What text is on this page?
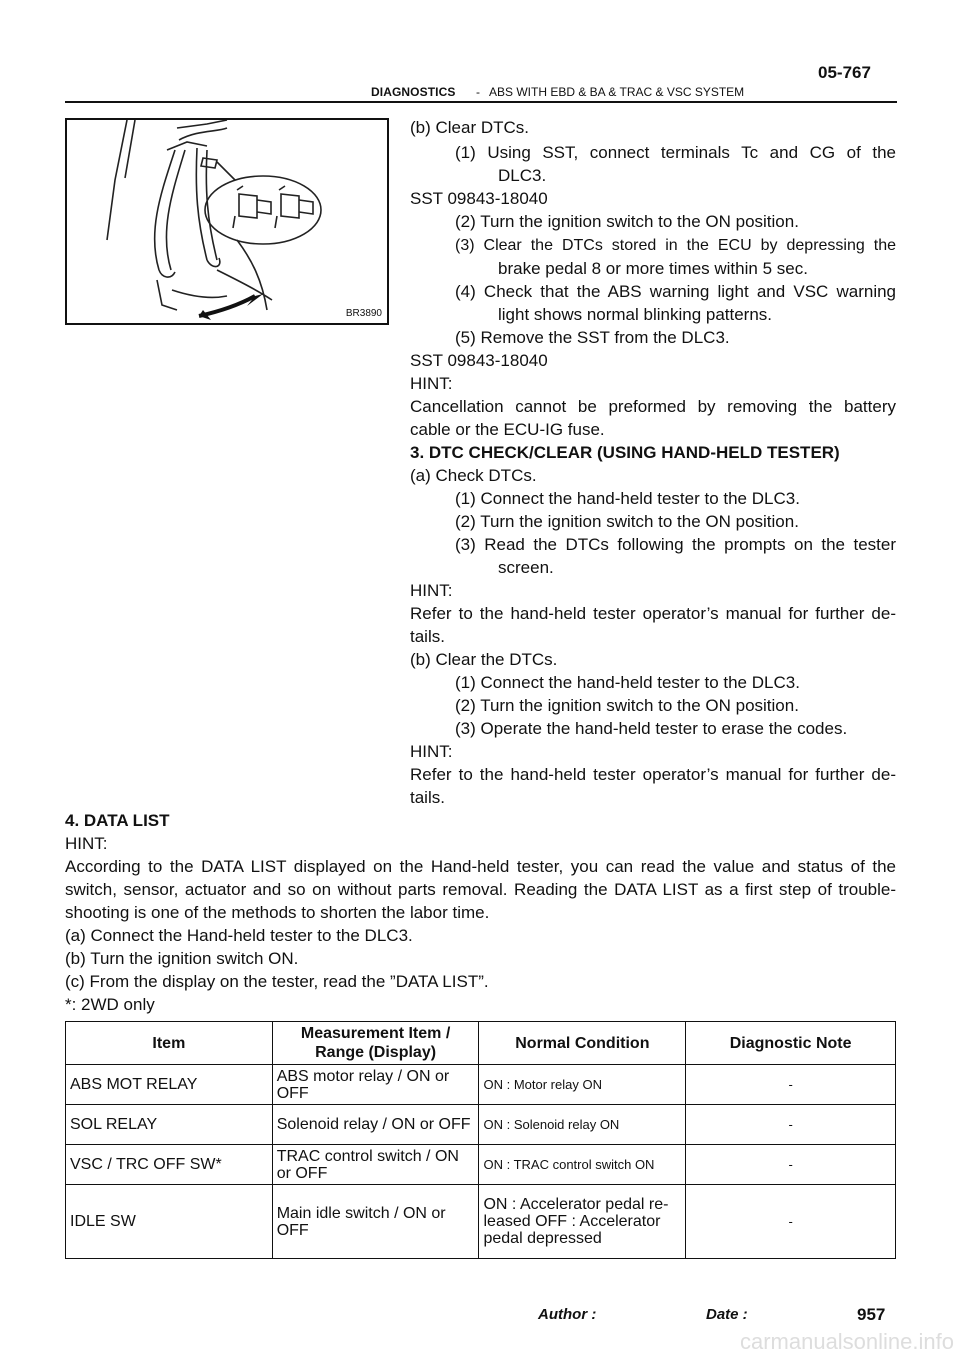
05-767
DIAGNOSTICS - ABS WITH EBD & BA & TRAC & VSC SYSTEM
BR3890
(b) Clear DTCs.
(1) Using SST, connect terminals Tc and CG of the
DLC3.
SST 09843-18040
(2) Turn the ignition switch to the ON position.
(3) Clear the DTCs stored in the ECU by depressing the
brake pedal 8 or more times within 5 sec.
(4) Check that the ABS warning light and VSC warning
light shows normal blinking patterns.
(5) Remove the SST from the DLC3.
SST 09843-18040
HINT:
Cancellation cannot be preformed by removing the battery
cable or the ECU-IG fuse.
3. DTC CHECK/CLEAR (USING HAND-HELD TESTER)
(a) Check DTCs.
(1) Connect the hand-held tester to the DLC3.
(2) Turn the ignition switch to the ON position.
(3) Read the DTCs following the prompts on the tester
screen.
HINT:
Refer to the hand-held tester operator’s manual for further de-
tails.
(b) Clear the DTCs.
(1) Connect the hand-held tester to the DLC3.
(2) Turn the ignition switch to the ON position.
(3) Operate the hand-held tester to erase the codes.
HINT:
Refer to the hand-held tester operator’s manual for further de-
tails.
4. DATA LIST
HINT:
According to the DATA LIST displayed on the Hand-held tester, you can read the value and status of the
switch, sensor, actuator and so on without parts removal. Reading the DATA LIST as a first step of trouble-
shooting is one of the methods to shorten the labor time.
(a) Connect the Hand-held tester to the DLC3.
(b) Turn the ignition switch ON.
(c) From the display on the tester, read the ”DATA LIST”.
*: 2WD only
Item	Measurement Item / Range (Display)	Normal Condition	Diagnostic Note
ABS MOT RELAY	ABS motor relay / ON or OFF	ON : Motor relay ON	-
SOL RELAY	Solenoid relay / ON or OFF	ON : Solenoid relay ON	-
VSC / TRC OFF SW*	TRAC control switch / ON or OFF	ON : TRAC control switch ON	-
IDLE SW	Main idle switch / ON or OFF	ON : Accelerator pedal re- leased OFF : Accelerator pedal depressed	-
Author :	Date :	957
carmanualsonline.info
